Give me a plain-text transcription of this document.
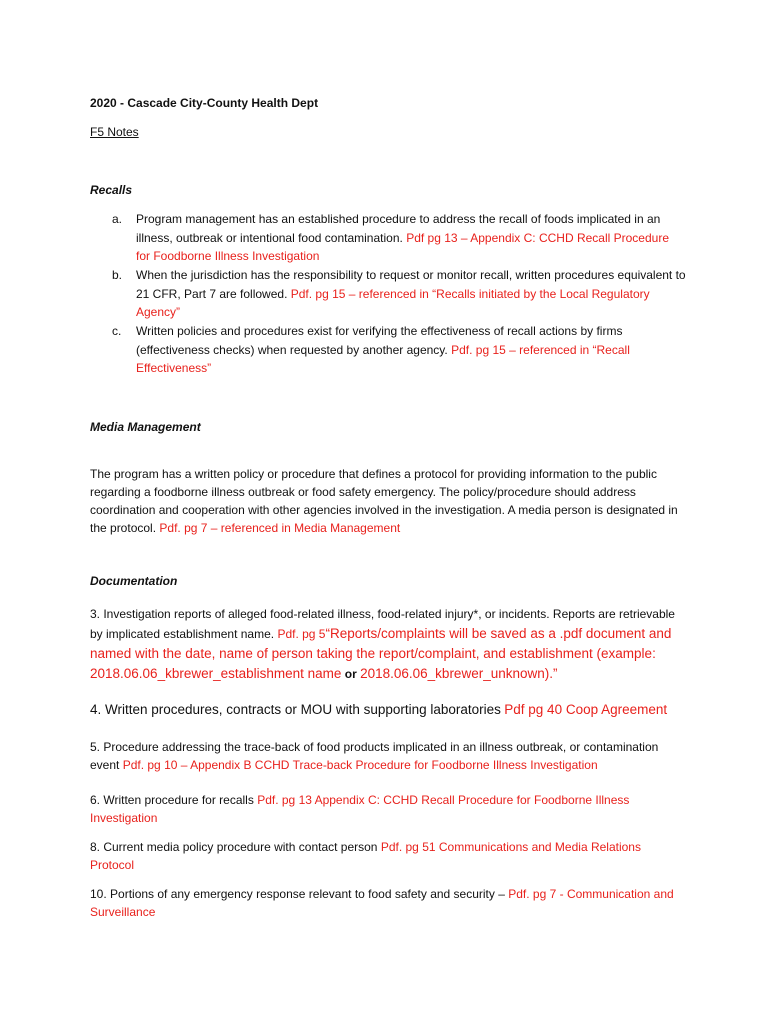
2020 - Cascade City-County Health Dept
F5 Notes
Recalls
a. Program management has an established procedure to address the recall of foods implicated in an illness, outbreak or intentional food contamination. Pdf pg 13 – Appendix C: CCHD Recall Procedure for Foodborne Illness Investigation
b. When the jurisdiction has the responsibility to request or monitor recall, written procedures equivalent to 21 CFR, Part 7 are followed. Pdf. pg 15 – referenced in “Recalls initiated by the Local Regulatory Agency”
c. Written policies and procedures exist for verifying the effectiveness of recall actions by firms (effectiveness checks) when requested by another agency. Pdf. pg 15 – referenced in “Recall Effectiveness”
Media Management
The program has a written policy or procedure that defines a protocol for providing information to the public regarding a foodborne illness outbreak or food safety emergency. The policy/procedure should address coordination and cooperation with other agencies involved in the investigation. A media person is designated in the protocol. Pdf. pg 7 – referenced in Media Management
Documentation
3. Investigation reports of alleged food-related illness, food-related injury*, or incidents. Reports are retrievable by implicated establishment name. Pdf. pg 5“Reports/complaints will be saved as a .pdf document and named with the date, name of person taking the report/complaint, and establishment (example: 2018.06.06_kbrewer_establishment name or 2018.06.06_kbrewer_unknown).”
4. Written procedures, contracts or MOU with supporting laboratories Pdf pg 40 Coop Agreement
5. Procedure addressing the trace-back of food products implicated in an illness outbreak, or contamination event Pdf. pg 10 – Appendix B CCHD Trace-back Procedure for Foodborne Illness Investigation
6. Written procedure for recalls Pdf. pg 13 Appendix C: CCHD Recall Procedure for Foodborne Illness Investigation
8. Current media policy procedure with contact person Pdf. pg 51 Communications and Media Relations Protocol
10. Portions of any emergency response relevant to food safety and security – Pdf. pg 7 - Communication and Surveillance
